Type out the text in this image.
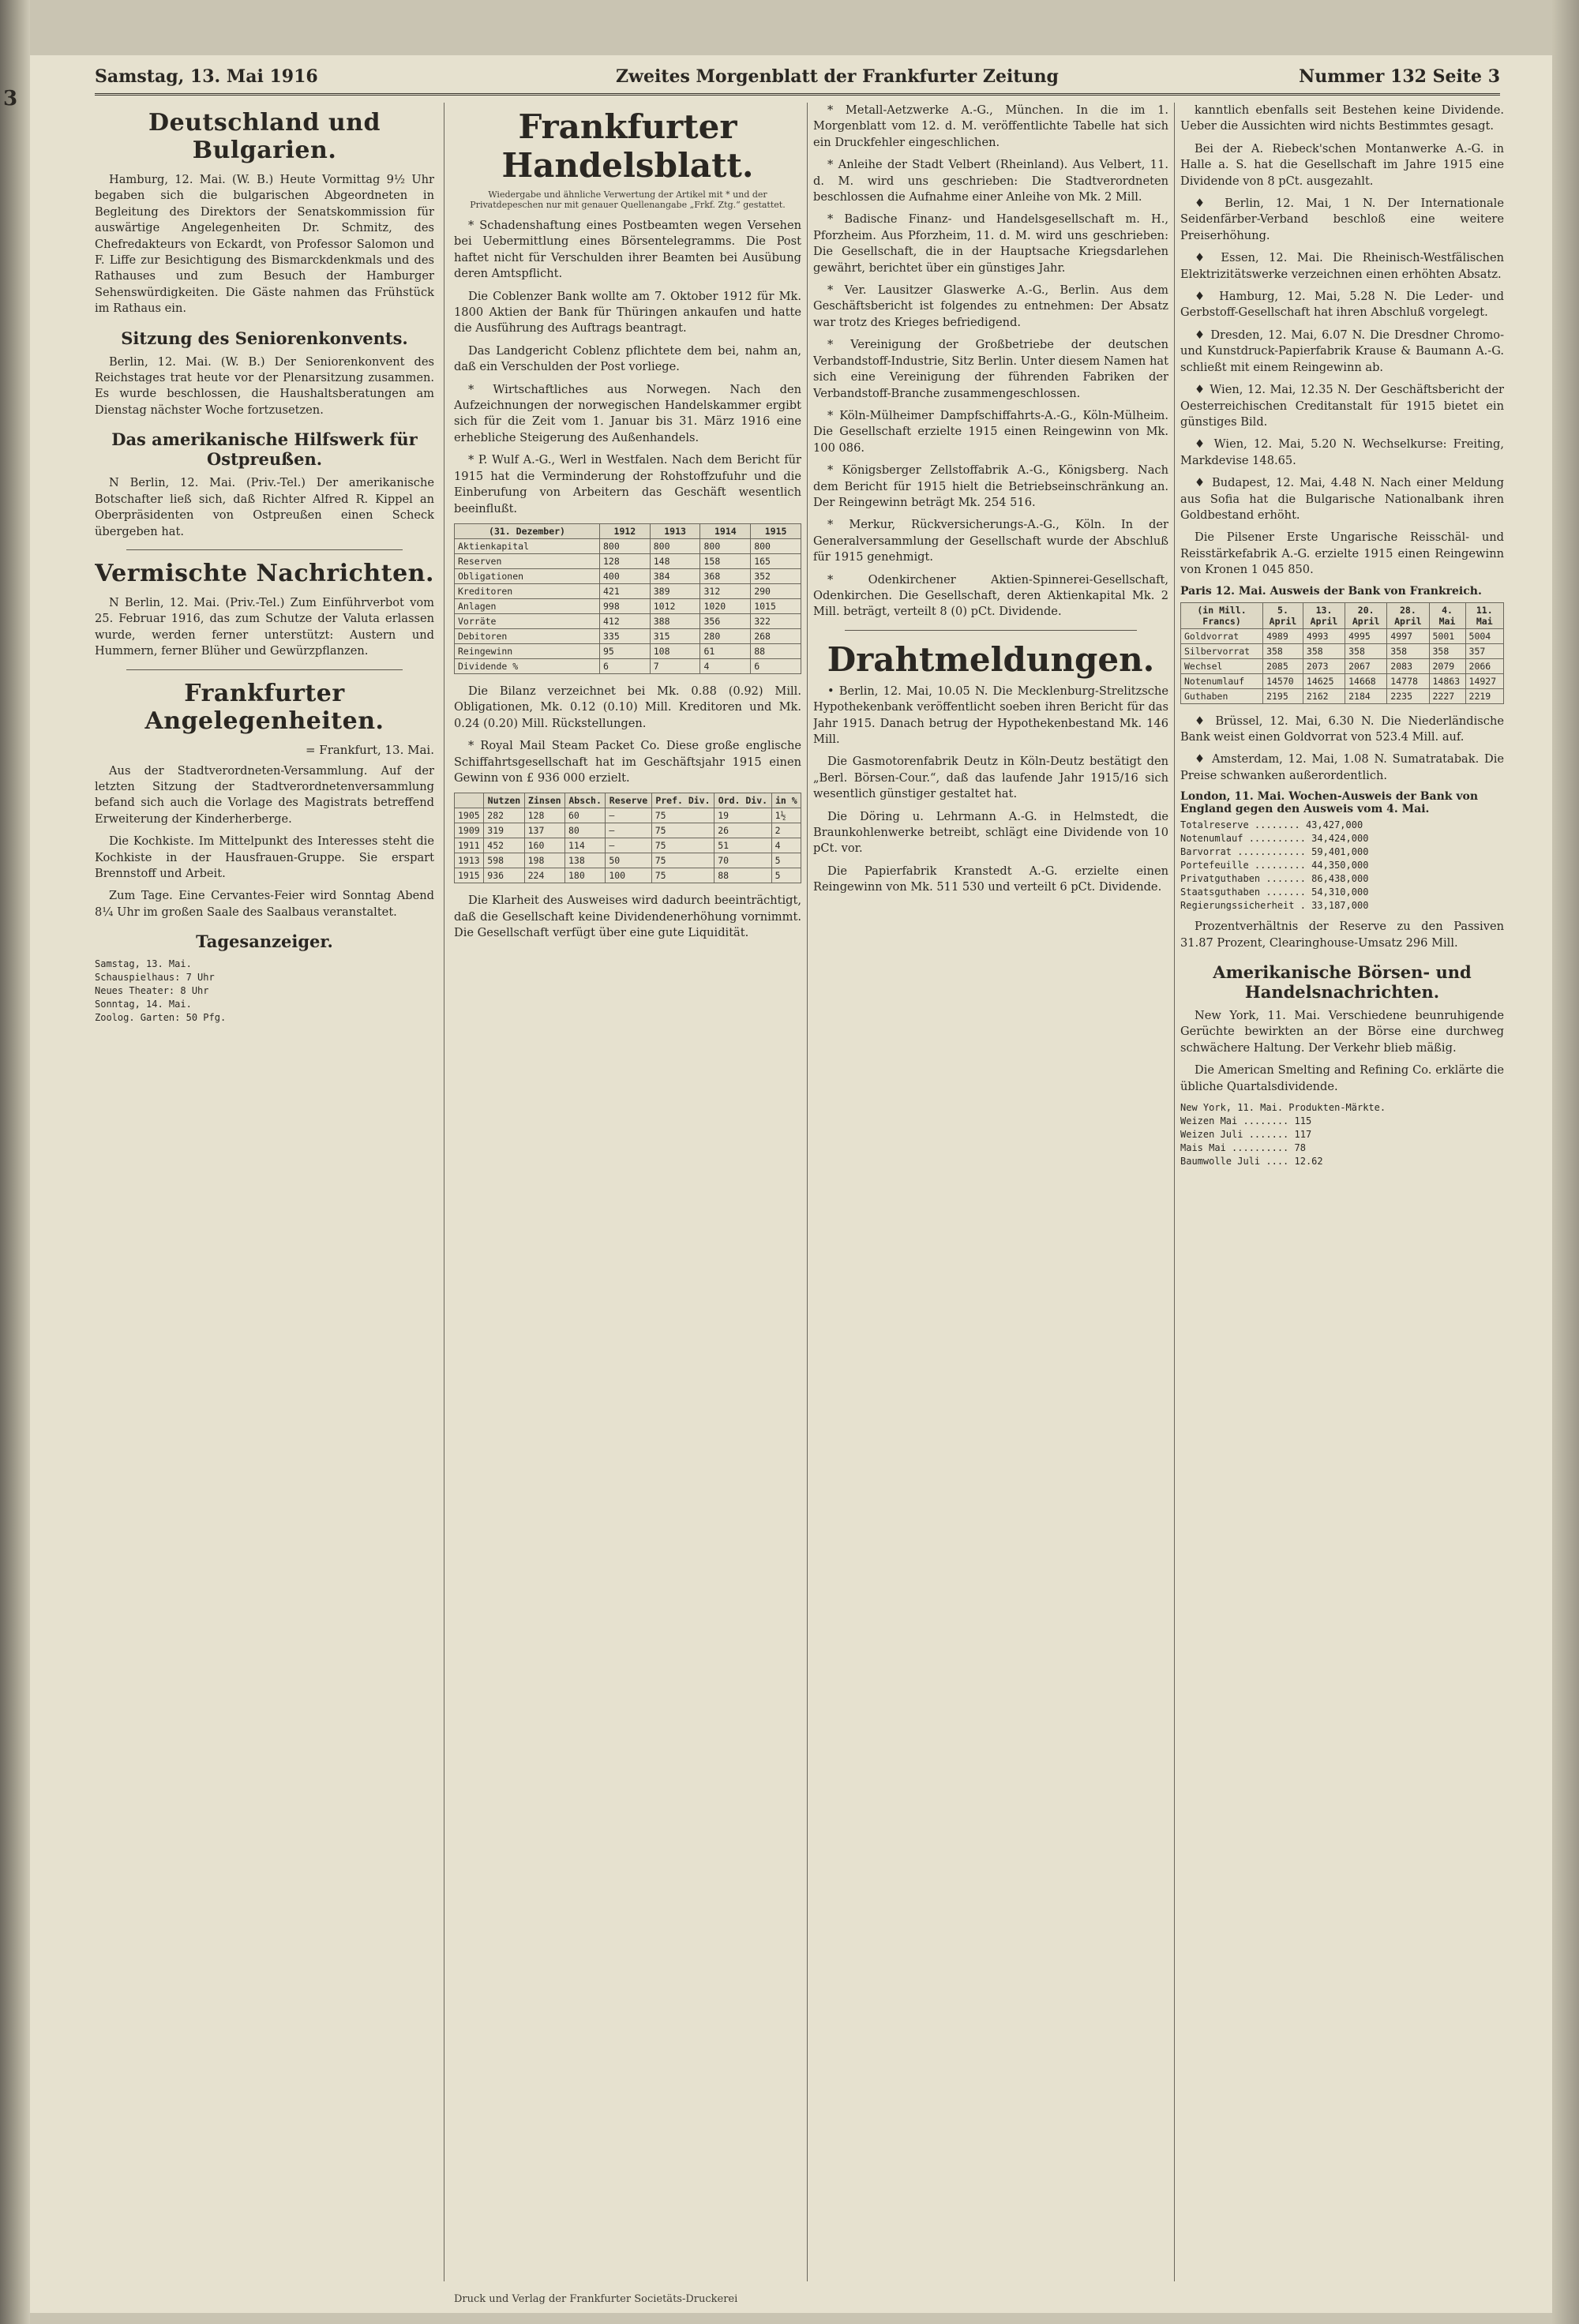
3
Samstag, 13. Mai 1916	Zweites Morgenblatt der Frankfurter Zeitung	Nummer 132 Seite 3
Deutschland und Bulgarien.

Hamburg, 12. Mai. (W. B.) Heute Vormittag 9½ Uhr begaben sich die bulgarischen Abgeordneten in Begleitung des Direktors der Senatskommission für auswärtige Angelegenheiten Dr. Schmitz, des Chefredakteurs von Eckardt, von Professor Salomon und F. Liffe zur Besichtigung des Bismarckdenkmals und des Rathauses und zum Besuch der Hamburger Sehenswürdigkeiten. Die Gäste nahmen das Frühstück im Rathaus ein.

Sitzung des Seniorenkonvents.

Berlin, 12. Mai. (W. B.) Der Seniorenkonvent des Reichstages trat heute vor der Plenarsitzung zusammen. Es wurde beschlossen, die Haushaltsberatungen am Dienstag nächster Woche fortzusetzen.

Das amerikanische Hilfswerk für Ostpreußen.

N Berlin, 12. Mai. (Priv.-Tel.) Der amerikanische Botschafter ließ sich, daß Richter Alfred R. Kippel an Oberpräsidenten von Ostpreußen einen Scheck übergeben hat.

Vermischte Nachrichten.

N Berlin, 12. Mai. (Priv.-Tel.) Zum Einführverbot vom 25. Februar 1916, das zum Schutze der Valuta erlassen wurde, werden ferner unterstützt: Austern und Hummern, ferner Blüher und Gewürzpflanzen.

Frankfurter Angelegenheiten.
= Frankfurt, 13. Mai.

Aus der Stadtverordneten-Versammlung. Auf der letzten Sitzung der Stadtverordnetenversammlung befand sich auch die Vorlage des Magistrats betreffend Erweiterung der Kinderherberge.

Die Kochkiste. Im Mittelpunkt des Interesses steht die Kochkiste in der Hausfrauen-Gruppe. Sie erspart Brennstoff und Arbeit.

Zum Tage. Eine Cervantes-Feier wird Sonntag Abend 8¼ Uhr im großen Saale des Saalbaus veranstaltet.

Tagesanzeiger.
Samstag, 13. Mai.
Schauspielhaus: 7 Uhr
Neues Theater: 8 Uhr
Sonntag, 14. Mai.
Zoolog. Garten: 50 Pfg.
Frankfurter Handelsblatt.
Wiedergabe und ähnliche Verwertung der Artikel mit * und der Privatdepeschen nur mit genauer Quellenangabe „Frkf. Ztg.“ gestattet.

* Schadenshaftung eines Postbeamten wegen Versehen bei Uebermittlung eines Börsentelegramms. Die Post haftet nicht für Verschulden ihrer Beamten bei Ausübung deren Amtspflicht.

Die Coblenzer Bank wollte am 7. Oktober 1912 für Mk. 1800 Aktien der Bank für Thüringen ankaufen und hatte die Ausführung des Auftrags beantragt.

Das Landgericht Coblenz pflichtete dem bei, nahm an, daß ein Verschulden der Post vorliege.

* Wirtschaftliches aus Norwegen. Nach den Aufzeichnungen der norwegischen Handelskammer ergibt sich für die Zeit vom 1. Januar bis 31. März 1916 eine erhebliche Steigerung des Außenhandels.

* P. Wulf A.-G., Werl in Westfalen. Nach dem Bericht für 1915 hat die Verminderung der Rohstoffzufuhr und die Einberufung von Arbeitern das Geschäft wesentlich beeinflußt.

(31. Dezember)	1912	1913	1914	1915
Aktienkapital	800	800	800	800
Reserven	128	148	158	165
Obligationen	400	384	368	352
Kreditoren	421	389	312	290
Anlagen	998	1012	1020	1015
Vorräte	412	388	356	322
Debitoren	335	315	280	268
Reingewinn	95	108	61	88
Dividende %	6	7	4	6

Die Bilanz verzeichnet bei Mk. 0.88 (0.92) Mill. Obligationen, Mk. 0.12 (0.10) Mill. Kreditoren und Mk. 0.24 (0.20) Mill. Rückstellungen.

* Royal Mail Steam Packet Co. Diese große englische Schiffahrtsgesellschaft hat im Geschäftsjahr 1915 einen Gewinn von £ 936 000 erzielt.

	Nutzen	Zinsen	Absch.	Reserve	Pref. Div.	Ord. Div.	in %
1905	282	128	60	—	75	19	1½
1909	319	137	80	—	75	26	2
1911	452	160	114	—	75	51	4
1913	598	198	138	50	75	70	5
1915	936	224	180	100	75	88	5

Die Klarheit des Ausweises wird dadurch beeinträchtigt, daß die Gesellschaft keine Dividendenerhöhung vornimmt. Die Gesellschaft verfügt über eine gute Liquidität.

* Metall-Aetzwerke A.-G., München. In die im 1. Morgenblatt vom 12. d. M. veröffentlichte Tabelle hat sich ein Druckfehler eingeschlichen.

* Anleihe der Stadt Velbert (Rheinland). Aus Velbert, 11. d. M. wird uns geschrieben: Die Stadtverordneten beschlossen die Aufnahme einer Anleihe von Mk. 2 Mill.

* Badische Finanz- und Handelsgesellschaft m. H., Pforzheim. Aus Pforzheim, 11. d. M. wird uns geschrieben: Die Gesellschaft, die in der Hauptsache Kriegsdarlehen gewährt, berichtet über ein günstiges Jahr.

* Ver. Lausitzer Glaswerke A.-G., Berlin. Aus dem Geschäftsbericht ist folgendes zu entnehmen: Der Absatz war trotz des Krieges befriedigend.

* Vereinigung der Großbetriebe der deutschen Verbandstoff-Industrie, Sitz Berlin. Unter diesem Namen hat sich eine Vereinigung der führenden Fabriken der Verbandstoff-Branche zusammengeschlossen.

* Köln-Mülheimer Dampfschiffahrts-A.-G., Köln-Mülheim. Die Gesellschaft erzielte 1915 einen Reingewinn von Mk. 100 086.

* Königsberger Zellstoffabrik A.-G., Königsberg. Nach dem Bericht für 1915 hielt die Betriebseinschränkung an. Der Reingewinn beträgt Mk. 254 516.

* Merkur, Rückversicherungs-A.-G., Köln. In der Generalversammlung der Gesellschaft wurde der Abschluß für 1915 genehmigt.

* Odenkirchener Aktien-Spinnerei-Gesellschaft, Odenkirchen. Die Gesellschaft, deren Aktienkapital Mk. 2 Mill. beträgt, verteilt 8 (0) pCt. Dividende.

Drahtmeldungen.

• Berlin, 12. Mai, 10.05 N. Die Mecklenburg-Strelitzsche Hypothekenbank veröffentlicht soeben ihren Bericht für das Jahr 1915. Danach betrug der Hypothekenbestand Mk. 146 Mill.

Die Gasmotorenfabrik Deutz in Köln-Deutz bestätigt den „Berl. Börsen-Cour.“, daß das laufende Jahr 1915/16 sich wesentlich günstiger gestaltet hat.

Die Döring u. Lehrmann A.-G. in Helmstedt, die Braunkohlenwerke betreibt, schlägt eine Dividende von 10 pCt. vor.

Die Papierfabrik Kranstedt A.-G. erzielte einen Reingewinn von Mk. 511 530 und verteilt 6 pCt. Dividende.

kanntlich ebenfalls seit Bestehen keine Dividende. Ueber die Aussichten wird nichts Bestimmtes gesagt.

Bei der A. Riebeck'schen Montanwerke A.-G. in Halle a. S. hat die Gesellschaft im Jahre 1915 eine Dividende von 8 pCt. ausgezahlt.

♦ Berlin, 12. Mai, 1 N. Der Internationale Seidenfärber-Verband beschloß eine weitere Preiserhöhung.

♦ Essen, 12. Mai. Die Rheinisch-Westfälischen Elektrizitätswerke verzeichnen einen erhöhten Absatz.

♦ Hamburg, 12. Mai, 5.28 N. Die Leder- und Gerbstoff-Gesellschaft hat ihren Abschluß vorgelegt.

♦ Dresden, 12. Mai, 6.07 N. Die Dresdner Chromo- und Kunstdruck-Papierfabrik Krause & Baumann A.-G. schließt mit einem Reingewinn ab.

♦ Wien, 12. Mai, 12.35 N. Der Geschäftsbericht der Oesterreichischen Creditanstalt für 1915 bietet ein günstiges Bild.

♦ Wien, 12. Mai, 5.20 N. Wechselkurse: Freiting, Markdevise 148.65.

♦ Budapest, 12. Mai, 4.48 N. Nach einer Meldung aus Sofia hat die Bulgarische Nationalbank ihren Goldbestand erhöht.

Die Pilsener Erste Ungarische Reisschäl- und Reisstärkefabrik A.-G. erzielte 1915 einen Reingewinn von Kronen 1 045 850.

Paris 12. Mai. Ausweis der Bank von Frankreich.
(in Mill. Francs)	5. April	13. April	20. April	28. April	4. Mai	11. Mai
Goldvorrat	4989	4993	4995	4997	5001	5004
Silbervorrat	358	358	358	358	358	357
Wechsel	2085	2073	2067	2083	2079	2066
Notenumlauf	14570	14625	14668	14778	14863	14927
Guthaben	2195	2162	2184	2235	2227	2219

♦ Brüssel, 12. Mai, 6.30 N. Die Niederländische Bank weist einen Goldvorrat von 523.4 Mill. auf.

♦ Amsterdam, 12. Mai, 1.08 N. Sumatratabak. Die Preise schwanken außerordentlich.

London, 11. Mai. Wochen-Ausweis der Bank von England gegen den Ausweis vom 4. Mai.
Totalreserve ........ 43,427,000
Notenumlauf .......... 34,424,000
Barvorrat ............ 59,401,000
Portefeuille ......... 44,350,000
Privatguthaben ....... 86,438,000
Staatsguthaben ....... 54,310,000
Regierungssicherheit . 33,187,000

Prozentverhältnis der Reserve zu den Passiven 31.87 Prozent, Clearinghouse-Umsatz 296 Mill.

Amerikanische Börsen- und Handelsnachrichten.

New York, 11. Mai. Verschiedene beunruhigende Gerüchte bewirkten an der Börse eine durchweg schwächere Haltung. Der Verkehr blieb mäßig.

Die American Smelting and Refining Co. erklärte die übliche Quartalsdividende.

New York, 11. Mai. Produkten-Märkte.
Weizen Mai ........ 115
Weizen Juli ....... 117
Mais Mai .......... 78
Baumwolle Juli .... 12.62
Druck und Verlag der Frankfurter Societäts-Druckerei
